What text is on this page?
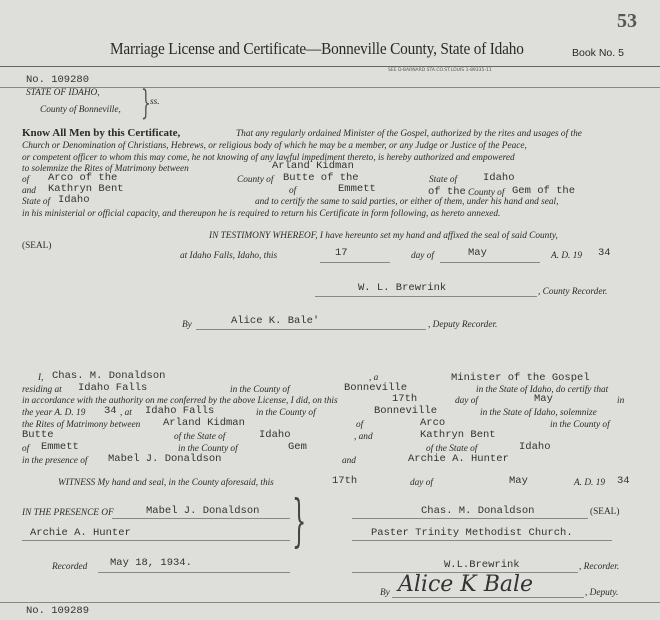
53
Marriage License and Certificate—Bonneville County, State of Idaho	Book No. 5
SEE D-BARNARD STA.CO.ST.LOUIS 1-89335-11
No. 109280
STATE OF IDAHO,
County of Bonneville, } ss.
Know All Men by this Certificate,	That any regularly ordained Minister of the Gospel, authorized by the rites and usages of the
Church or Denomination of Christians, Hebrews, or religious body of which he may be a member, or any Judge or Justice of the Peace,
or competent officer to whom this may come, he not knowing of any lawful impediment thereto, is hereby authorized and empowered
to solemnize the Rites of Matrimony between	Arland Kidman
of Arco of the	County of Butte of the	State of Idaho
and Kathryn Bent	of	Emmett	of the County of Gem of the
State of Idaho	and to certify the same to said parties, or either of them, under his hand and seal,
in his ministerial or official capacity, and thereupon he is required to return his Certificate in form following, as hereto annexed.
IN TESTIMONY WHEREOF, I have hereunto set my hand and affixed the seal of said County,
(SEAL)
at Idaho Falls, Idaho, this	17	day of	May	A. D. 19 34
W. L. Brewrink	, County Recorder.
By	Alice K. Bale'	, Deputy Recorder.
I, Chas. M. Donaldson	, a	Minister of the Gospel
residing at Idaho Falls	in the County of	Bonneville	in the State of Idaho, do certify that
in accordance with the authority on me conferred by the above License, I did, on this	17th	day of	May	in
the year A. D. 19 34 , at Idaho Falls	in the County of	Bonneville	in the State of Idaho, solemnize
the Rites of Matrimony between Arland Kidman	of	Arco	in the County of
Butte	of the State of	Idaho	, and	Kathryn Bent
of Emmett	in the County of	Gem	of the State of	Idaho
in the presence of Mabel J. Donaldson	and	Archie A. Hunter
WITNESS My hand and seal, in the County aforesaid, this	17th	day of	May	A. D. 19 34
IN THE PRESENCE OF	Mabel J. Donaldson
Archie A. Hunter	}	Chas. M. Donaldson	(SEAL)
Paster Trinity Methodist Church.
Recorded May 18, 1934.	W.L.Brewrink	, Recorder.
By Alice K Bale	, Deputy.
No. 109289
